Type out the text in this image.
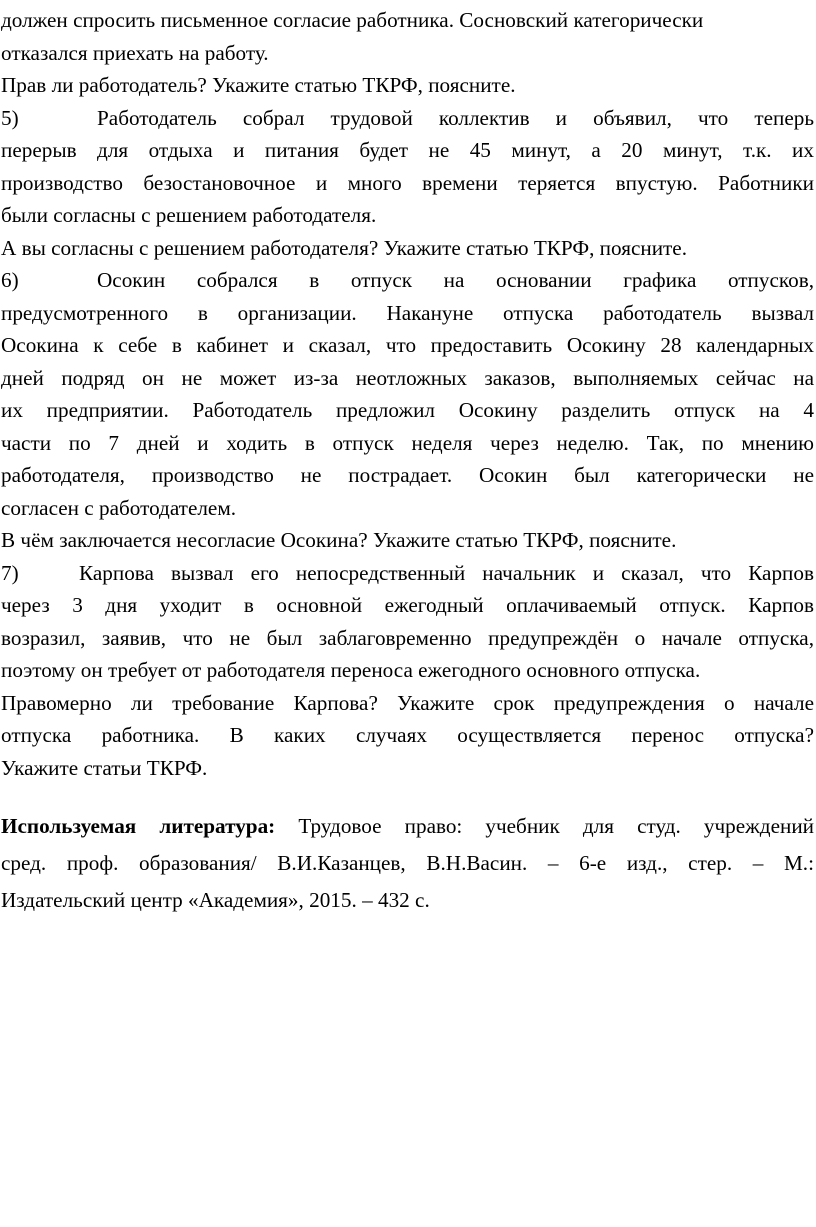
должен спросить письменное согласие работника. Сосновский категорически
отказался приехать на работу.
Прав ли работодатель? Укажите статью ТКРФ, поясните.
5)	Работодатель собрал трудовой коллектив и объявил, что теперь
перерыв для отдыха и питания будет не 45 минут, а 20 минут, т.к. их
производство безостановочное и много времени теряется впустую. Работники
были согласны с решением работодателя.
А вы согласны с решением работодателя? Укажите статью ТКРФ, поясните.
6)	Осокин собрался в отпуск на основании графика отпусков,
предусмотренного в организации. Накануне отпуска работодатель вызвал
Осокина к себе в кабинет и сказал, что предоставить Осокину 28 календарных
дней подряд он не может из-за неотложных заказов, выполняемых сейчас на
их предприятии. Работодатель предложил Осокину разделить отпуск на 4
части по 7 дней и ходить в отпуск неделя через неделю. Так, по мнению
работодателя, производство не пострадает. Осокин был категорически не
согласен с работодателем.
В чём заключается несогласие Осокина? Укажите статью ТКРФ, поясните.
7)	Карпова вызвал его непосредственный начальник и сказал, что Карпов
через 3 дня уходит в основной ежегодный оплачиваемый отпуск. Карпов
возразил, заявив, что не был заблаговременно предупреждён о начале отпуска,
поэтому он требует от работодателя переноса ежегодного основного отпуска.
Правомерно ли требование Карпова? Укажите срок предупреждения о начале
отпуска работника. В каких случаях осуществляется перенос отпуска?
Укажите статьи ТКРФ.
Используемая литература: Трудовое право: учебник для студ. учреждений
сред. проф. образования/ В.И.Казанцев, В.Н.Васин. – 6-е изд., стер. – М.:
Издательский центр «Академия», 2015. – 432 с.
